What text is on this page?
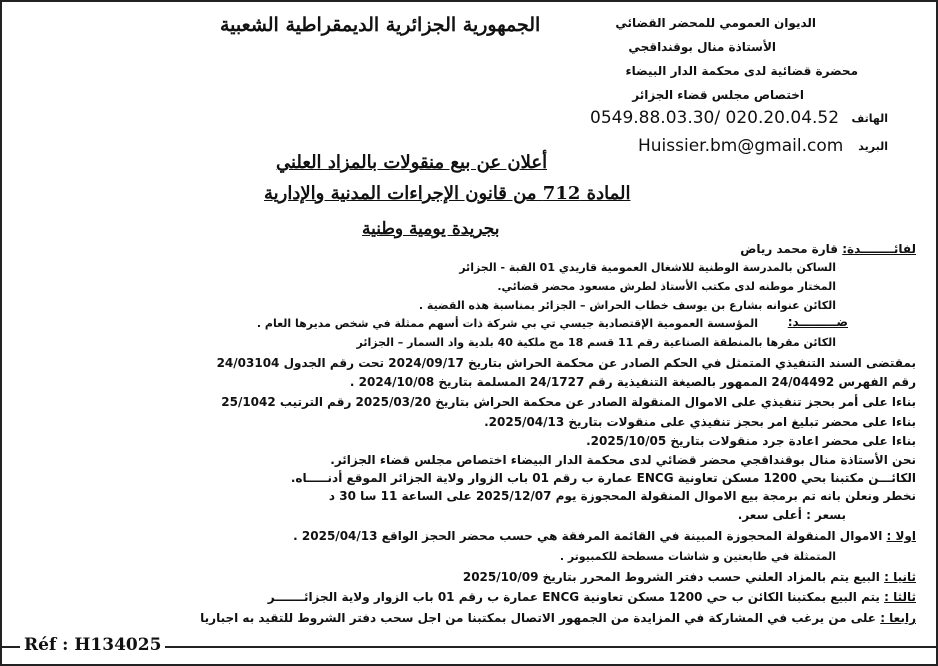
الجمهورية الجزائرية الديمقراطية الشعبية	الديوان العمومي للمحضر القضائي
الأستاذة منال بوقنداقجي
محضرة قضائية لدى محكمة الدار البيضاء
اختصاص مجلس قضاء الجزائر
0549.88.03.30/ 020.20.04.52 الهاتف
Huissier.bm@gmail.com البريد
أعلان عن بيع منقولات بالمزاد العلني
المادة 712 من قانون الإجراءات المدنية والإدارية
بجريدة يومية وطنية
لفائــــــــدة: قارة محمد رياض
الساكن بالمدرسة الوطنية للاشغال العمومية قاريدي 01 القبة - الجزائر
المختار موطنه لدى مكتب الأستاذ لطرش مسعود محضر قضائي.
الكائن عنوانه بشارع بن يوسف خطاب الحراش – الجزائر بمناسبة هذه القضية .
ضـــــــــد:
المؤسسة العمومية الإقتصادية جيسي تي بي شركة ذات أسهم ممثلة في شخص مديرها العام .
الكائن مقرها بالمنطقة الصناعية رقم 11 قسم 18 مج ملكية 40 بلدية واد السمار – الجزائر
بمقتضى السند التنفيذي المتمثل في الحكم الصادر عن محكمة الحراش بتاريخ 2024/09/17 تحت رقم الجدول 24/03104
رقم الفهرس 24/04492 الممهور بالصيغة التنفيذية رقم 24/1727 المسلمة بتاريخ 2024/10/08 .
بناءا على أمر بحجز تنفيذي على الاموال المنقولة الصادر عن محكمة الحراش بتاريخ 2025/03/20 رقم الترتيب 25/1042
بناءا على محضر تبليغ امر بحجز تنفيذي على منقولات بتاريخ 2025/04/13.
بناءا على محضر اعادة جرد منقولات بتاريخ 2025/10/05.
نحن الأستاذة منال بوقنداقجي محضر قضائي لدى محكمة الدار البيضاء اختصاص مجلس قضاء الجزائر.
الكائـــن مكتبنا بحي 1200 مسكن تعاونية ENCG عمارة ب رقم 01 باب الزوار ولاية الجزائر الموقع أدنـــــاه.
نخطر ونعلن بانه تم برمجة بيع الاموال المنقولة المحجوزة يوم 2025/12/07 على الساعة 11 سا 30 د
بسعر : أعلى سعر.
اولا : الاموال المنقولة المحجوزة المبينة في القائمة المرفقة هي حسب محضر الحجز الواقع 2025/04/13 .
المتمثلة في طابعتين و شاشات مسطحة للكمبيوتر .
ثانيا : البيع يتم بالمزاد العلني حسب دفتر الشروط المحرر بتاريخ 2025/10/09
ثالثا : يتم البيع بمكتبنا الكائن ب حي 1200 مسكن تعاونية ENCG عمارة ب رقم 01 باب الزوار ولاية الجزائـــــــر
رابعا : على من يرغب في المشاركة في المزايدة من الجمهور الاتصال بمكتبنا من اجل سحب دفتر الشروط للتقيد به اجباريا
Réf : H134025
